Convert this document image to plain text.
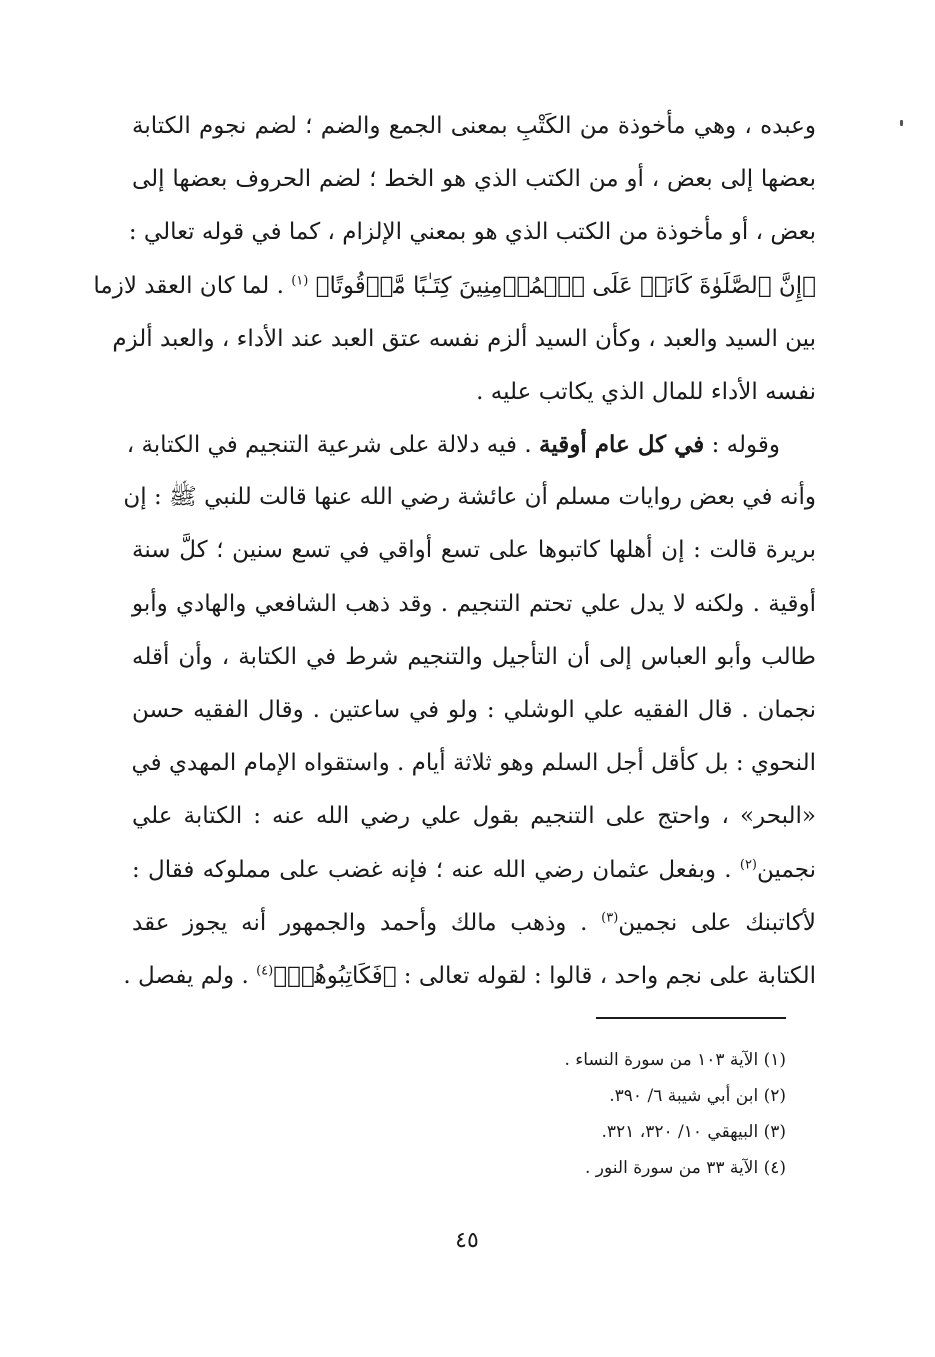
وعبده ، وهي مأخوذة من الكَتْبِ بمعنى الجمع والضم ؛ لضم نجوم الكتابة
بعضها إلى بعض ، أو من الكتب الذي هو الخط ؛ لضم الحروف بعضها إلى
بعض ، أو مأخوذة من الكتب الذي هو بمعني الإلزام ، كما في قوله تعالي :
﴿إِنَّ ٱلصَّلَوٰةَ كَانَتۡ عَلَى ٱلۡمُؤۡمِنِينَ كِتَـٰبًا مَّوۡقُوتًا﴾ $^{(١)}$ . لما كان العقد لازما
بين السيد والعبد ، وكأن السيد ألزم نفسه عتق العبد عند الأداء ، والعبد ألزم
نفسه الأداء للمال الذي يكاتب عليه .
وقوله : في كل عام أوقية . فيه دلالة على شرعية التنجيم في الكتابة ،
وأنه في بعض روايات مسلم أن عائشة رضي الله عنها قالت للنبي ﷺ : إن
بريرة قالت : إن أهلها كاتبوها على تسع أواقي في تسع سنين ؛ كلَّ سنة
أوقية . ولكنه لا يدل علي تحتم التنجيم . وقد ذهب الشافعي والهادي وأبو
طالب وأبو العباس إلى أن التأجيل والتنجيم شرط في الكتابة ، وأن أقله
نجمان . قال الفقيه علي الوشلي : ولو في ساعتين . وقال الفقيه حسن
النحوي : بل كأقل أجل السلم وهو ثلاثة أيام . واستقواه الإمام المهدي في
«البحر» ، واحتج على التنجيم بقول علي رضي الله عنه : الكتابة علي
نجمين$^{(٢)}$ . وبفعل عثمان رضي الله عنه ؛ فإنه غضب على مملوكه فقال :
لأكاتبنك على نجمين$^{(٣)}$ . وذهب مالك وأحمد والجمهور أنه يجوز عقد
الكتابة على نجم واحد ، قالوا : لقوله تعالى : ﴿فَكَاتِبُوهُمۡ﴾$^{(٤)}$ . ولم يفصل .
(١) الآية ١٠٣ من سورة النساء .
(٢) ابن أبي شيبة ٦/ ٣٩٠.
(٣) البيهقي ١٠/ ٣٢٠، ٣٢١.
(٤) الآية ٣٣ من سورة النور .
٤٥
